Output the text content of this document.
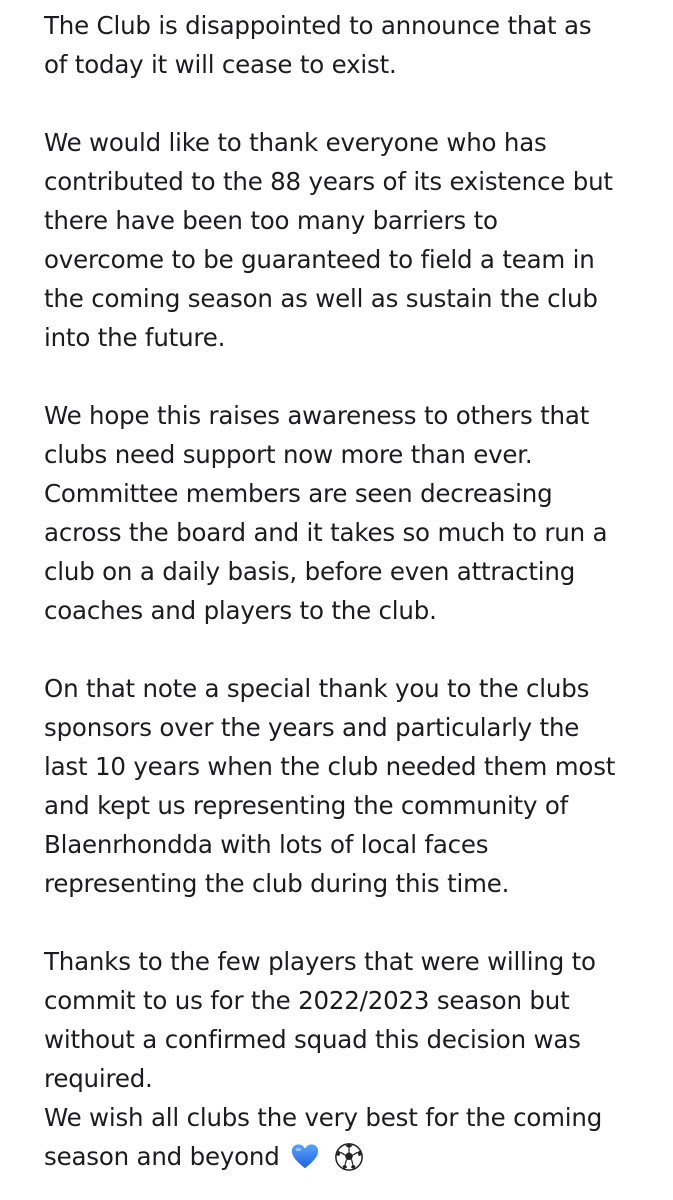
The Club is disappointed to announce that as
of today it will cease to exist.
We would like to thank everyone who has
contributed to the 88 years of its existence but
there have been too many barriers to
overcome to be guaranteed to field a team in
the coming season as well as sustain the club
into the future.
We hope this raises awareness to others that
clubs need support now more than ever.
Committee members are seen decreasing
across the board and it takes so much to run a
club on a daily basis, before even attracting
coaches and players to the club.
On that note a special thank you to the clubs
sponsors over the years and particularly the
last 10 years when the club needed them most
and kept us representing the community of
Blaenrhondda with lots of local faces
representing the club during this time.
Thanks to the few players that were willing to
commit to us for the 2022/2023 season but
without a confirmed squad this decision was
required.
We wish all clubs the very best for the coming
season and beyond
